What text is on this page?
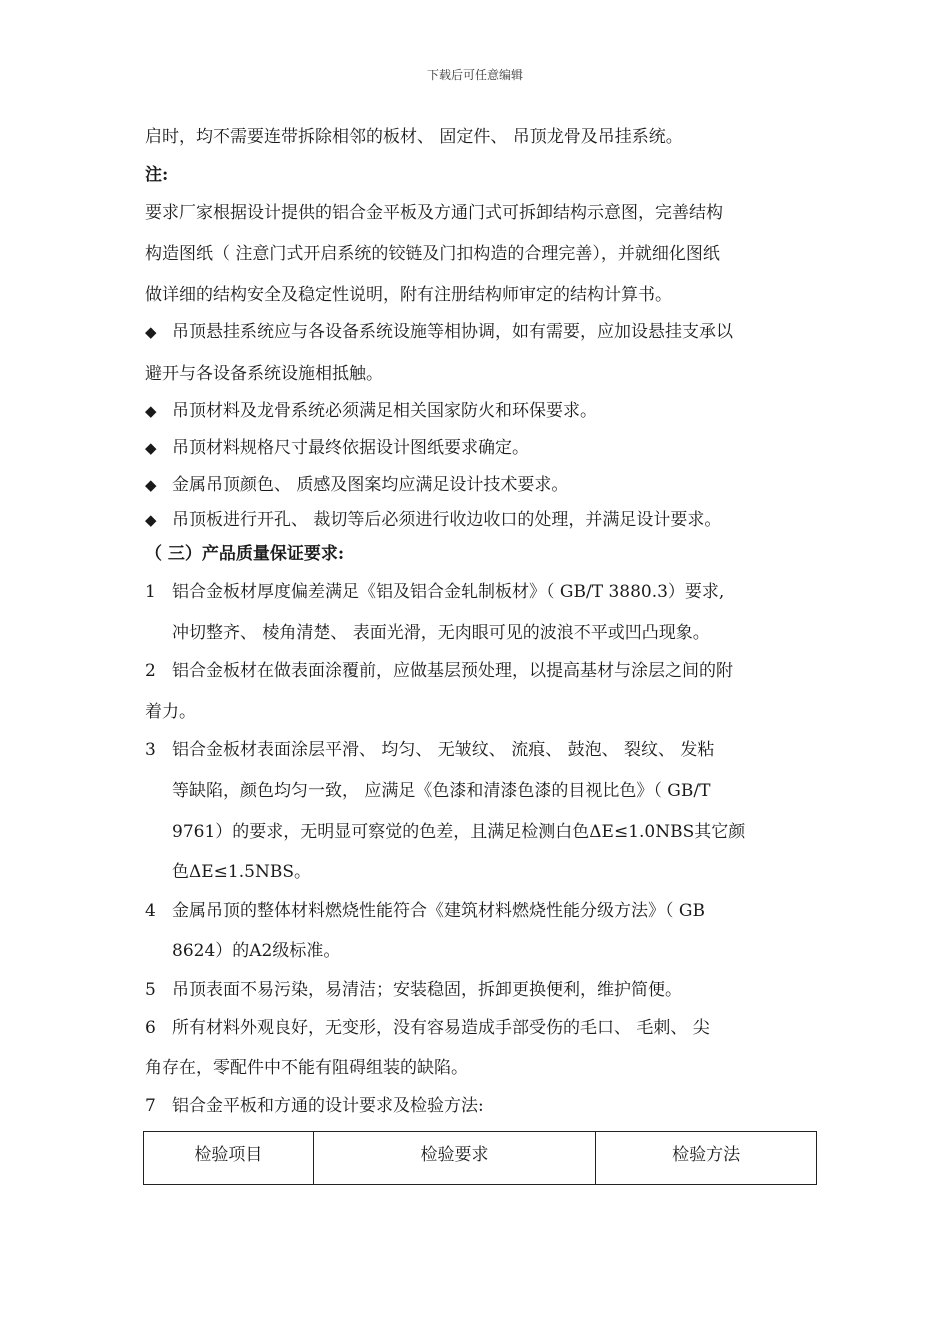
下载后可任意编辑
启时，均不需要连带拆除相邻的板材、 固定件、 吊顶龙骨及吊挂系统。
注:
要求厂家根据设计提供的铝合金平板及方通门式可拆卸结构示意图，完善结构
构造图纸（ 注意门式开启系统的铰链及门扣构造的合理完善），并就细化图纸
做详细的结构安全及稳定性说明，附有注册结构师审定的结构计算书。
◆ 吊顶悬挂系统应与各设备系统设施等相协调，如有需要，应加设悬挂支承以
避开与各设备系统设施相抵触。
◆ 吊顶材料及龙骨系统必须满足相关国家防火和环保要求。
◆ 吊顶材料规格尺寸最终依据设计图纸要求确定。
◆ 金属吊顶颜色、 质感及图案均应满足设计技术要求。
◆ 吊顶板进行开孔、 裁切等后必须进行收边收口的处理，并满足设计要求。
（ 三）产品质量保证要求:
1 铝合金板材厚度偏差满足《铝及铝合金轧制板材》（ GB/T 3880.3）要求,
冲切整齐、 棱角清楚、 表面光滑，无肉眼可见的波浪不平或凹凸现象。
2 铝合金板材在做表面涂覆前，应做基层预处理，以提高基材与涂层之间的附
着力。
3 铝合金板材表面涂层平滑、 均匀、 无皱纹、 流痕、 鼓泡、 裂纹、 发粘
等缺陷，颜色均匀一致， 应满足《色漆和清漆色漆的目视比色》（ GB/T
9761）的要求，无明显可察觉的色差，且满足检测白色ΔE≤1.0NBS其它颜
色ΔE≤1.5NBS。
4 金属吊顶的整体材料燃烧性能符合《建筑材料燃烧性能分级方法》（ GB
8624）的A2级标准。
5 吊顶表面不易污染，易清洁；安装稳固，拆卸更换便利，维护简便。
6 所有材料外观良好，无变形，没有容易造成手部受伤的毛口、 毛刺、 尖
角存在，零配件中不能有阻碍组装的缺陷。
7 铝合金平板和方通的设计要求及检验方法:
检验项目	检验要求	检验方法
